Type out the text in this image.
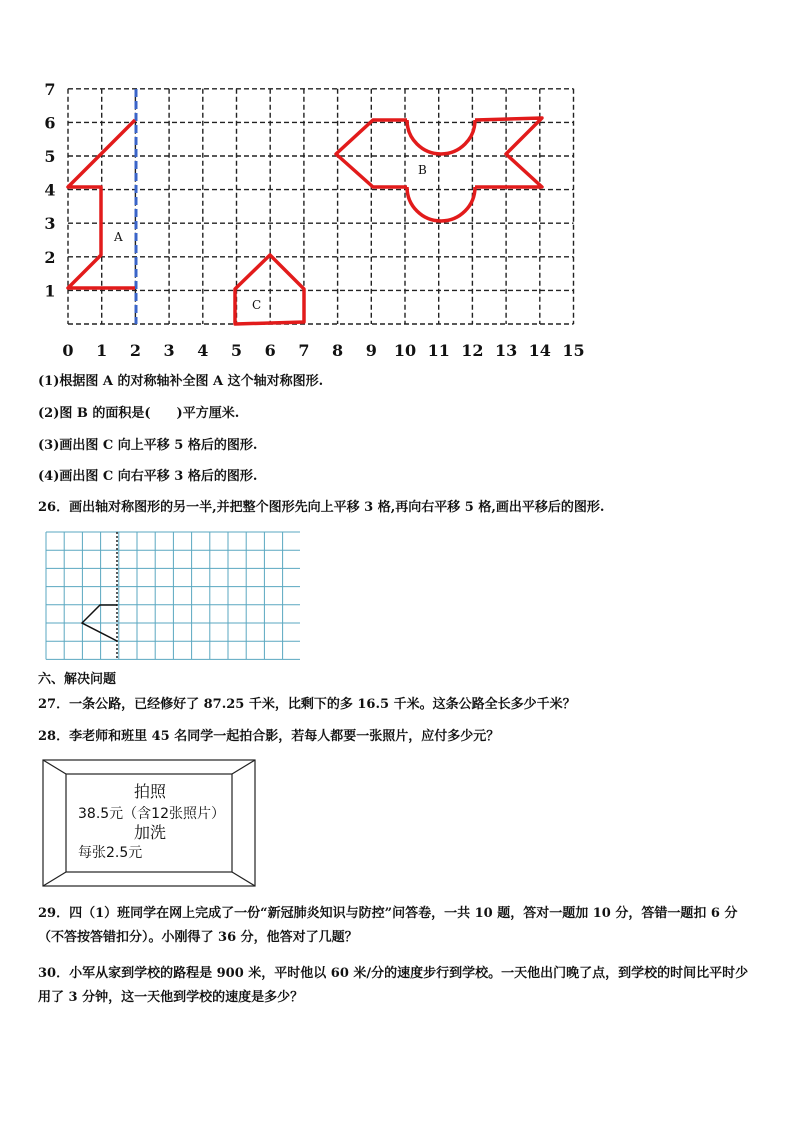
0 1 2 3 4 5 6 7 8 9 10 11 12 13 14 15
1
2
3
4
5
6
7
A
B
C

(1)根据图 A 的对称轴补全图 A 这个轴对称图形.

(2)图 B 的面积是(　　)平方厘米.

(3)画出图 C 向上平移 5 格后的图形.

(4)画出图 C 向右平移 3 格后的图形.

26．画出轴对称图形的另一半,并把整个图形先向上平移 3 格,再向右平移 5 格,画出平移后的图形.

六、解决问题

27．一条公路，已经修好了 87.25 千米，比剩下的多 16.5 千米。这条公路全长多少千米？

28．李老师和班里 45 名同学一起拍合影，若每人都要一张照片，应付多少元？

拍照
38.5元（含12张照片）
加洗
每张2.5元

29．四（1）班同学在网上完成了一份“新冠肺炎知识与防控”问答卷，一共 10 题，答对一题加 10 分，答错一题扣 6 分（不答按答错扣分）。小刚得了 36 分，他答对了几题？

30．小军从家到学校的路程是 900 米，平时他以 60 米/分的速度步行到学校。一天他出门晚了点，到学校的时间比平时少用了 3 分钟，这一天他到学校的速度是多少？
